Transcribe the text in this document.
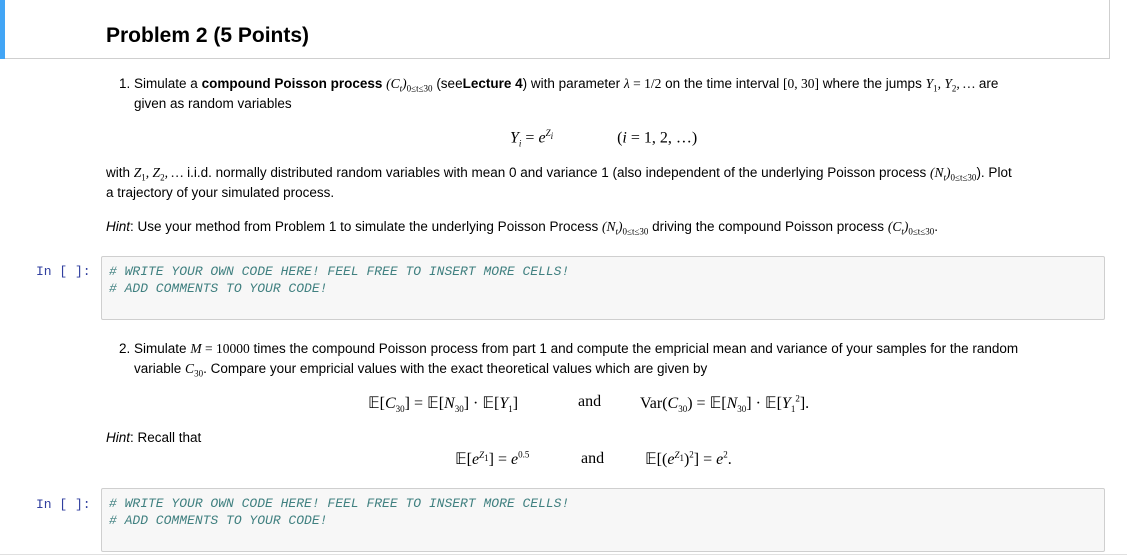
Problem 2 (5 Points)
1. Simulate a compound Poisson process $(C_t)_{0\le t\le 30}$ (seeLecture 4) with parameter λ = 1/2 on the time interval [0, 30] where the jumps $Y_1$, $Y_2$, … are
given as random variables
$Y_i = e^{Z_i}$	(i = 1, 2, …)
with $Z_1$, $Z_2$, … i.i.d. normally distributed random variables with mean 0 and variance 1 (also independent of the underlying Poisson process $(N_t)_{0\le t\le 30}$). Plot
a trajectory of your simulated process.
Hint: Use your method from Problem 1 to simulate the underlying Poisson Process $(N_t)_{0\le t\le 30}$ driving the compound Poisson process $(C_t)_{0\le t\le 30}$.
In [ ]: # WRITE YOUR OWN CODE HERE! FEEL FREE TO INSERT MORE CELLS!
# ADD COMMENTS TO YOUR CODE!
2. Simulate M = 10000 times the compound Poisson process from part 1 and compute the empricial mean and variance of your samples for the random
variable $C_{30}$. Compare your empricial values with the exact theoretical values which are given by
$𝔼[C_{30}]$ = $𝔼[N_{30}]$ · $𝔼[Y_1]$	and $Var(C_{30})$ = $𝔼[N_{30}]$ · $𝔼[Y_1^2]$.
Hint: Recall that
$𝔼[e^{Z_1}] = e^{0.5}$	and	$𝔼[(e^{Z_1})^2] = e^2$.
In [ ]: # WRITE YOUR OWN CODE HERE! FEEL FREE TO INSERT MORE CELLS!
# ADD COMMENTS TO YOUR CODE!
